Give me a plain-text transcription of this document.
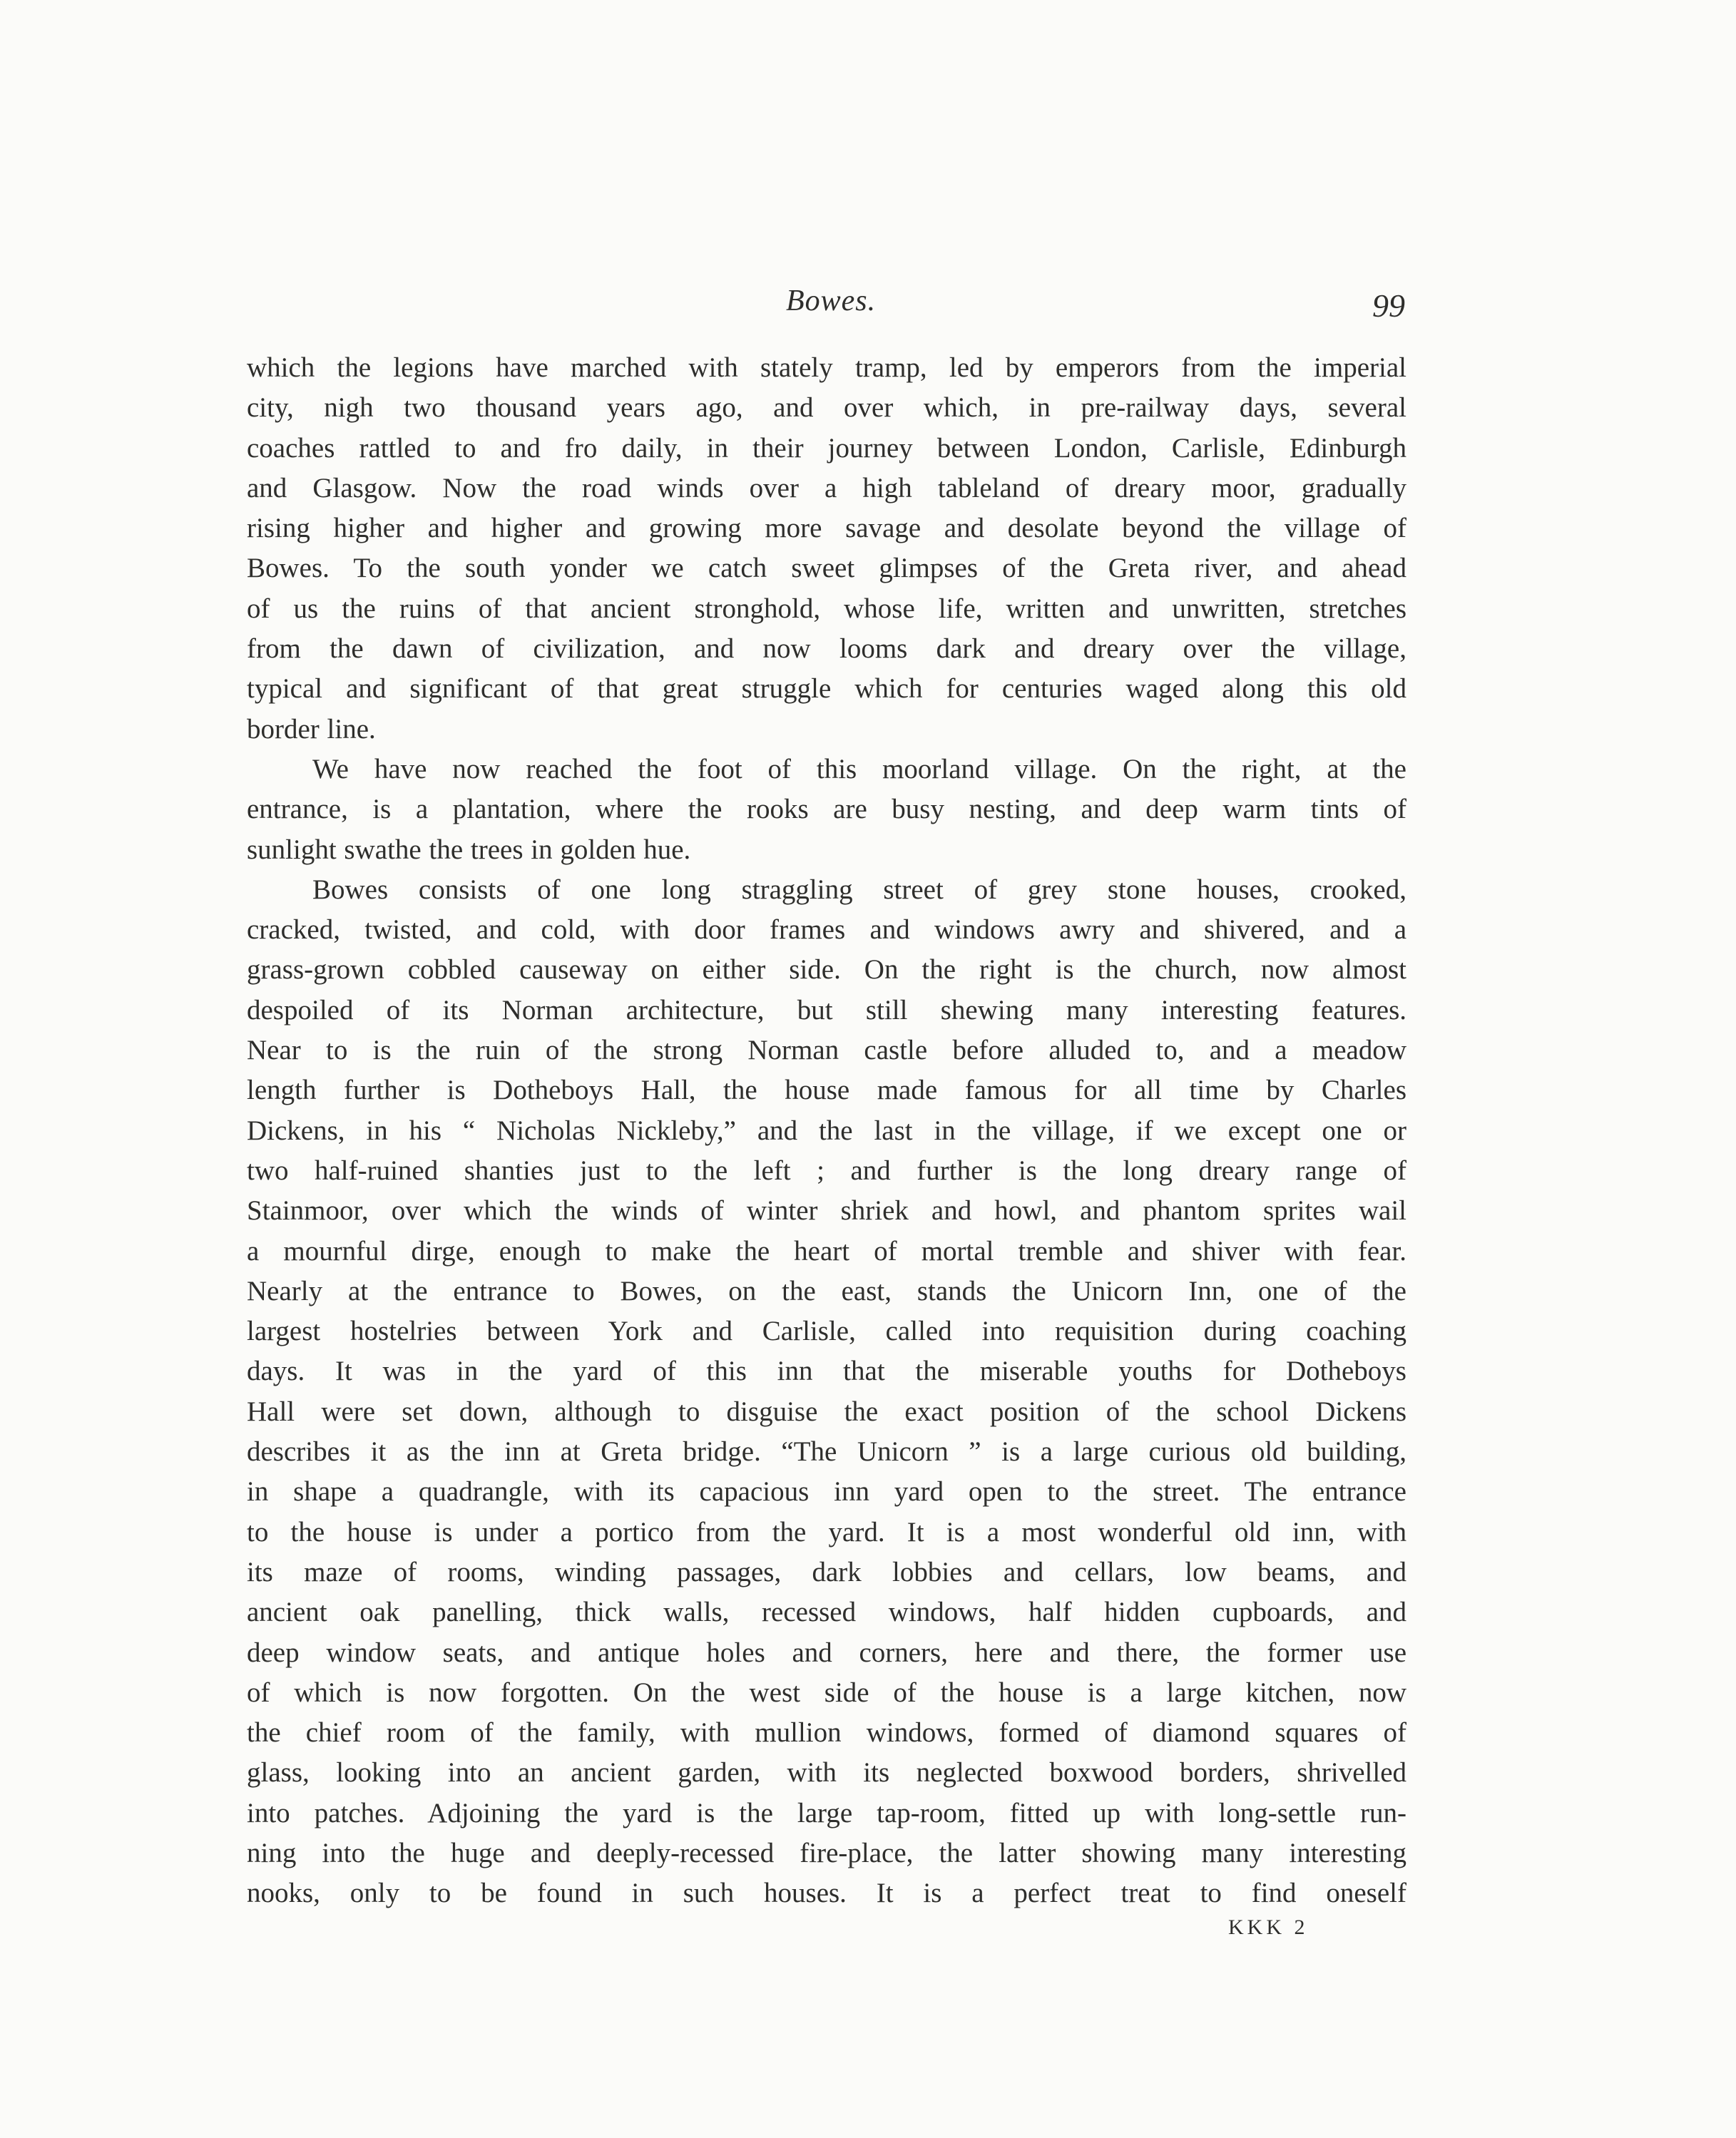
Bowes.	99
which the legions have marched with stately tramp, led by emperors from the imperial
city, nigh two thousand years ago, and over which, in pre-railway days, several
coaches rattled to and fro daily, in their journey between London, Carlisle, Edinburgh
and Glasgow. Now the road winds over a high tableland of dreary moor, gradually
rising higher and higher and growing more savage and desolate beyond the village of
Bowes. To the south yonder we catch sweet glimpses of the Greta river, and ahead
of us the ruins of that ancient stronghold, whose life, written and unwritten, stretches
from the dawn of civilization, and now looms dark and dreary over the village,
typical and significant of that great struggle which for centuries waged along this old
border line.
We have now reached the foot of this moorland village. On the right, at the
entrance, is a plantation, where the rooks are busy nesting, and deep warm tints of
sunlight swathe the trees in golden hue.
Bowes consists of one long straggling street of grey stone houses, crooked,
cracked, twisted, and cold, with door frames and windows awry and shivered, and a
grass-grown cobbled causeway on either side. On the right is the church, now almost
despoiled of its Norman architecture, but still shewing many interesting features.
Near to is the ruin of the strong Norman castle before alluded to, and a meadow
length further is Dotheboys Hall, the house made famous for all time by Charles
Dickens, in his “ Nicholas Nickleby,” and the last in the village, if we except one or
two half-ruined shanties just to the left ; and further is the long dreary range of
Stainmoor, over which the winds of winter shriek and howl, and phantom sprites wail
a mournful dirge, enough to make the heart of mortal tremble and shiver with fear.
Nearly at the entrance to Bowes, on the east, stands the Unicorn Inn, one of the
largest hostelries between York and Carlisle, called into requisition during coaching
days. It was in the yard of this inn that the miserable youths for Dotheboys
Hall were set down, although to disguise the exact position of the school Dickens
describes it as the inn at Greta bridge. “The Unicorn ” is a large curious old building,
in shape a quadrangle, with its capacious inn yard open to the street. The entrance
to the house is under a portico from the yard. It is a most wonderful old inn, with
its maze of rooms, winding passages, dark lobbies and cellars, low beams, and
ancient oak panelling, thick walls, recessed windows, half hidden cupboards, and
deep window seats, and antique holes and corners, here and there, the former use
of which is now forgotten. On the west side of the house is a large kitchen, now
the chief room of the family, with mullion windows, formed of diamond squares of
glass, looking into an ancient garden, with its neglected boxwood borders, shrivelled
into patches. Adjoining the yard is the large tap-room, fitted up with long-settle run-
ning into the huge and deeply-recessed fire-place, the latter showing many interesting
nooks, only to be found in such houses. It is a perfect treat to find oneself
KKK 2
